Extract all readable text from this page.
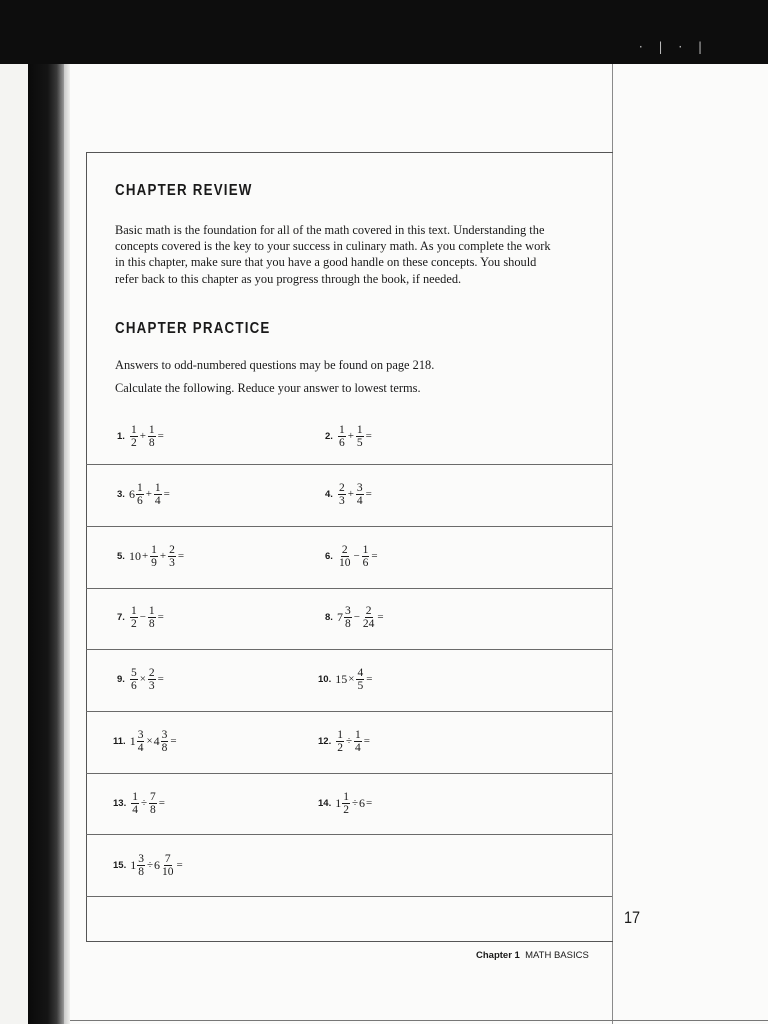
· | · |
CHAPTER REVIEW
Basic math is the foundation for all of the math covered in this text. Understanding the
concepts covered is the key to your success in culinary math. As you complete the work
in this chapter, make sure that you have a good handle on these concepts. You should
refer back to this chapter as you progress through the book, if needed.
CHAPTER PRACTICE
Answers to odd-numbered questions may be found on page 218.
Calculate the following. Reduce your answer to lowest terms.
1. $\frac{1}{2} + \frac{1}{8}$ =	2. $\frac{1}{6} + \frac{1}{5}$ =
3. $6 \frac{1}{6} + \frac{1}{4}$ =	4. $\frac{2}{3} + \frac{3}{4}$ =
5. $10 + \frac{1}{9} + \frac{2}{3}$ =	6. $\frac{2}{10} - \frac{1}{6}$ =
7. $\frac{1}{2} - \frac{1}{8}$ =	8. $7 \frac{3}{8} - \frac{2}{24}$ =
9. $\frac{5}{6} \times \frac{2}{3}$ =	10. $15 \times \frac{4}{5}$ =
11. $1 \frac{3}{4} \times 4 \frac{3}{8}$ =	12. $\frac{1}{2} \div \frac{1}{4}$ =
13. $\frac{1}{4} \div \frac{7}{8}$ =	14. $1 \frac{1}{2} \div 6$ =
15. $1 \frac{3}{8} \div 6 \frac{7}{10}$ =
17
Chapter 1 MATH BASICS
